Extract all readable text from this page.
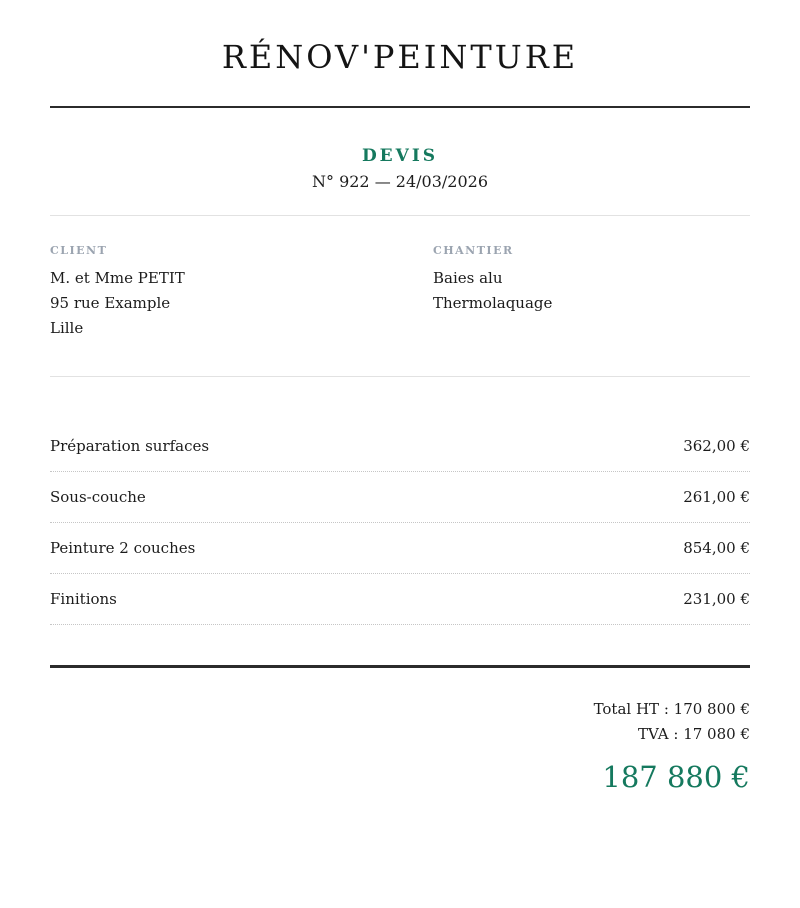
RÉNOV'PEINTURE

DEVIS

N° 922 — 24/03/2026

CLIENT

M. et Mme PETIT

95 rue Example

Lille

CHANTIER

Baies alu

Thermolaquage

Préparation surfaces	362,00 €
Sous-couche	261,00 €
Peinture 2 couches	854,00 €
Finitions	231,00 €

Total HT : 170 800 €

TVA : 17 080 €

187 880 €
